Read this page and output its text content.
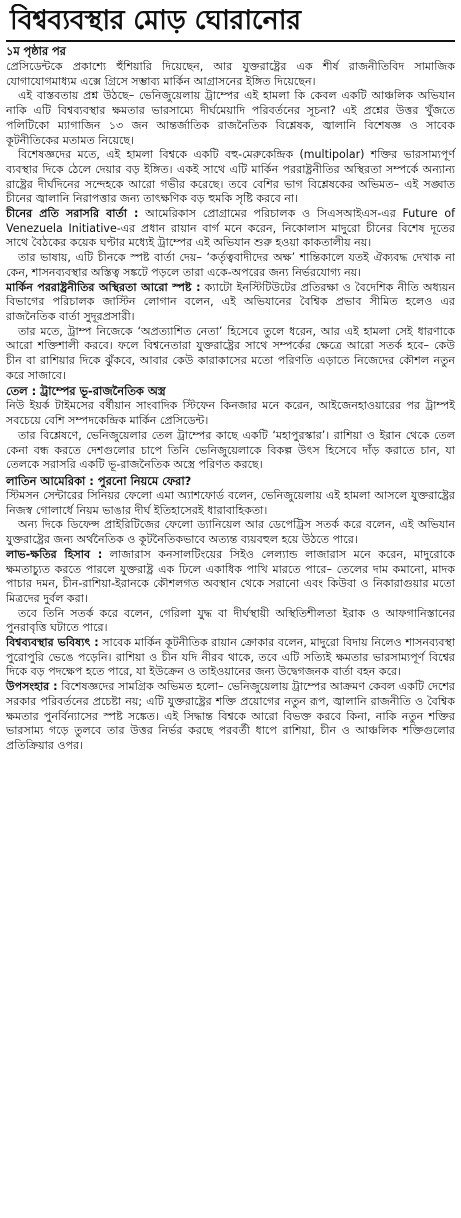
বিশ্বব্যবস্থার মোড় ঘোরানোর
১ম পৃষ্ঠার পর

প্রেসিডেন্টকে প্রকাশ্যে হুঁশিয়ারি দিয়েছেন, আর যুক্তরাষ্ট্রের এক শীর্ষ রাজনীতিবিদ সামাজিক যোগাযোগমাধ্যম এক্সে গ্রিসে সম্ভাব্য মার্কিন আগ্রাসনের ইঙ্গিত দিয়েছেন।

এই বাস্তবতায় প্রশ্ন উঠছে– ভেনিজুয়েলায় ট্রাম্পের এই হামলা কি কেবল একটি আঞ্চলিক অভিযান নাকি এটি বিশ্বব্যবস্থার ক্ষমতার ভারসাম্যে দীর্ঘমেয়াদি পরিবর্তনের সূচনা? এই প্রশ্নের উত্তর খুঁজতে পলিটিকো ম্যাগাজিন ১৩ জন আন্তর্জাতিক রাজনৈতিক বিশ্লেষক, জ্বালানি বিশেষজ্ঞ ও সাবেক কূটনীতিকের মতামত নিয়েছে।

বিশেষজ্ঞদের মতে, এই হামলা বিশ্বকে একটি বহু-মেরুকেন্দ্রিক (multipolar) শক্তির ভারসাম্যপূর্ণ ব্যবস্থার দিকে ঠেলে দেয়ার বড় ইঙ্গিত। একই সাথে এটি মার্কিন পররাষ্ট্রনীতির অস্থিরতা সম্পর্কে অন্যান্য রাষ্ট্রের দীর্ঘদিনের সন্দেহকে আরো গভীর করেছে। তবে বেশির ভাগ বিশ্লেষকের অভিমত– এই সঙ্ঘাত চীনের জ্বালানি নিরাপত্তার জন্য তাৎক্ষণিক বড় হুমকি সৃষ্টি করবে না।

চীনের প্রতি সরাসরি বার্তা : আমেরিকাস প্রোগ্রামের পরিচালক ও সিএসআইএস-এর Future of Venezuela Initiative-এর প্রধান রায়ান বার্গ মনে করেন, নিকোলাস মাদুরো চীনের বিশেষ দূতের সাথে বৈঠকের কয়েক ঘণ্টার মধ্যেই ট্রাম্পের এই অভিযান শুরু হওয়া কাকতালীয় নয়।

তার ভাষায়, এটি চীনকে স্পষ্ট বার্তা দেয়– ‘কর্তৃত্ববাদীদের অক্ষ’ শান্তিকালে যতই ঐক্যবদ্ধ দেখাক না কেন, শাসনব্যবস্থার অস্তিত্ব সঙ্কটে পড়লে তারা একে-অপরের জন্য নির্ভরযোগ্য নয়।

মার্কিন পররাষ্ট্রনীতির অস্থিরতা আরো স্পষ্ট : ক্যাটো ইনস্টিটিউটের প্রতিরক্ষা ও বৈদেশিক নীতি অধ্যয়ন বিভাগের পরিচালক জাস্টিন লোগান বলেন, এই অভিযানের বৈশ্বিক প্রভাব সীমিত হলেও এর রাজনৈতিক বার্তা সুদূরপ্রসারী।

তার মতে, ট্রাম্প নিজেকে ‘অপ্রত্যাশিত নেতা’ হিসেবে তুলে ধরেন, আর এই হামলা সেই ধারণাকে আরো শক্তিশালী করবে। ফলে বিশ্বনেতারা যুক্তরাষ্ট্রের সাথে সম্পর্কের ক্ষেত্রে আরো সতর্ক হবে– কেউ চীন বা রাশিয়ার দিকে ঝুঁকবে, আবার কেউ কারাকাসের মতো পরিণতি এড়াতে নিজেদের কৌশল নতুন করে সাজাবে।

তেল : ট্রাম্পের ভূ-রাজনৈতিক অস্ত্র

নিউ ইয়র্ক টাইমসের বর্ষীয়ান সাংবাদিক স্টিফেন কিনজার মনে করেন, আইজেনহাওয়ারের পর ট্রাম্পই সবচেয়ে বেশি সম্পদকেন্দ্রিক মার্কিন প্রেসিডেন্ট।

তার বিশ্লেষণে, ভেনিজুয়েলার তেল ট্রাম্পের কাছে একটি ‘মহাপুরস্কার’। রাশিয়া ও ইরান থেকে তেল কেনা বন্ধ করতে দেশগুলোর চাপে তিনি ভেনিজুয়েলাকে বিকল্প উৎস হিসেবে দাঁড় করাতে চান, যা তেলকে সরাসরি একটি ভূ-রাজনৈতিক অস্ত্রে পরিণত করছে।

লাতিন আমেরিকা : পুরনো নিয়মে ফেরা?

স্টিমসন সেন্টারের সিনিয়র ফেলো এমা অ্যাশফোর্ড বলেন, ভেনিজুয়েলায় এই হামলা আসলে যুক্তরাষ্ট্রের নিজস্ব গোলার্ধে নিয়ম ভাঙার দীর্ঘ ইতিহাসেরই ধারাবাহিকতা।

অন্য দিকে ডিফেন্স প্রাইরিটিজের ফেলো ড্যানিয়েল আর ডেপেট্রিস সতর্ক করে বলেন, এই অভিযান যুক্তরাষ্ট্রের জন্য অর্থনৈতিক ও কূটনৈতিকভাবে অত্যন্ত ব্যয়বহুল হয়ে উঠতে পারে।

লাভ-ক্ষতির হিসাব : লাজারাস কনসালটিংয়ের সিইও লেল্যান্ড লাজারাস মনে করেন, মাদুরোকে ক্ষমতাচ্যুত করতে পারলে যুক্তরাষ্ট্র এক ঢিলে একাধিক পাখি মারতে পারে– তেলের দাম কমানো, মাদক পাচার দমন, চীন-রাশিয়া-ইরানকে কৌশলগত অবস্থান থেকে সরানো এবং কিউবা ও নিকারাগুয়ার মতো মিত্রদের দুর্বল করা।

তবে তিনি সতর্ক করে বলেন, গেরিলা যুদ্ধ বা দীর্ঘস্থায়ী অস্থিতিশীলতা ইরাক ও আফগানিস্তানের পুনরাবৃত্তি ঘটাতে পারে।

বিশ্বব্যবস্থার ভবিষ্যৎ : সাবেক মার্কিন কূটনীতিক রায়ান ক্রোকার বলেন, মাদুরো বিদায় নিলেও শাসনব্যবস্থা পুরোপুরি ভেঙে পড়েনি। রাশিয়া ও চীন যদি নীরব থাকে, তবে এটি সত্যিই ক্ষমতার ভারসাম্যপূর্ণ বিশ্বের দিকে বড় পদক্ষেপ হতে পারে, যা ইউক্রেন ও তাইওয়ানের জন্য উদ্বেগজনক বার্তা বহন করে।

উপসংহার : বিশেষজ্ঞদের সামগ্রিক অভিমত হলো– ভেনিজুয়েলায় ট্রাম্পের আক্রমণ কেবল একটি দেশের সরকার পরিবর্তনের প্রচেষ্টা নয়; এটি যুক্তরাষ্ট্রের শক্তি প্রয়োগের নতুন রূপ, জ্বালানি রাজনীতি ও বৈশ্বিক ক্ষমতার পুনর্বিন্যাসের স্পষ্ট সঙ্কেত। এই সিদ্ধান্ত বিশ্বকে আরো বিভক্ত করবে কিনা, নাকি নতুন শক্তির ভারসাম্য গড়ে তুলবে তার উত্তর নির্ভর করছে পরবর্তী ধাপে রাশিয়া, চীন ও আঞ্চলিক শক্তিগুলোর প্রতিক্রিয়ার ওপর।
